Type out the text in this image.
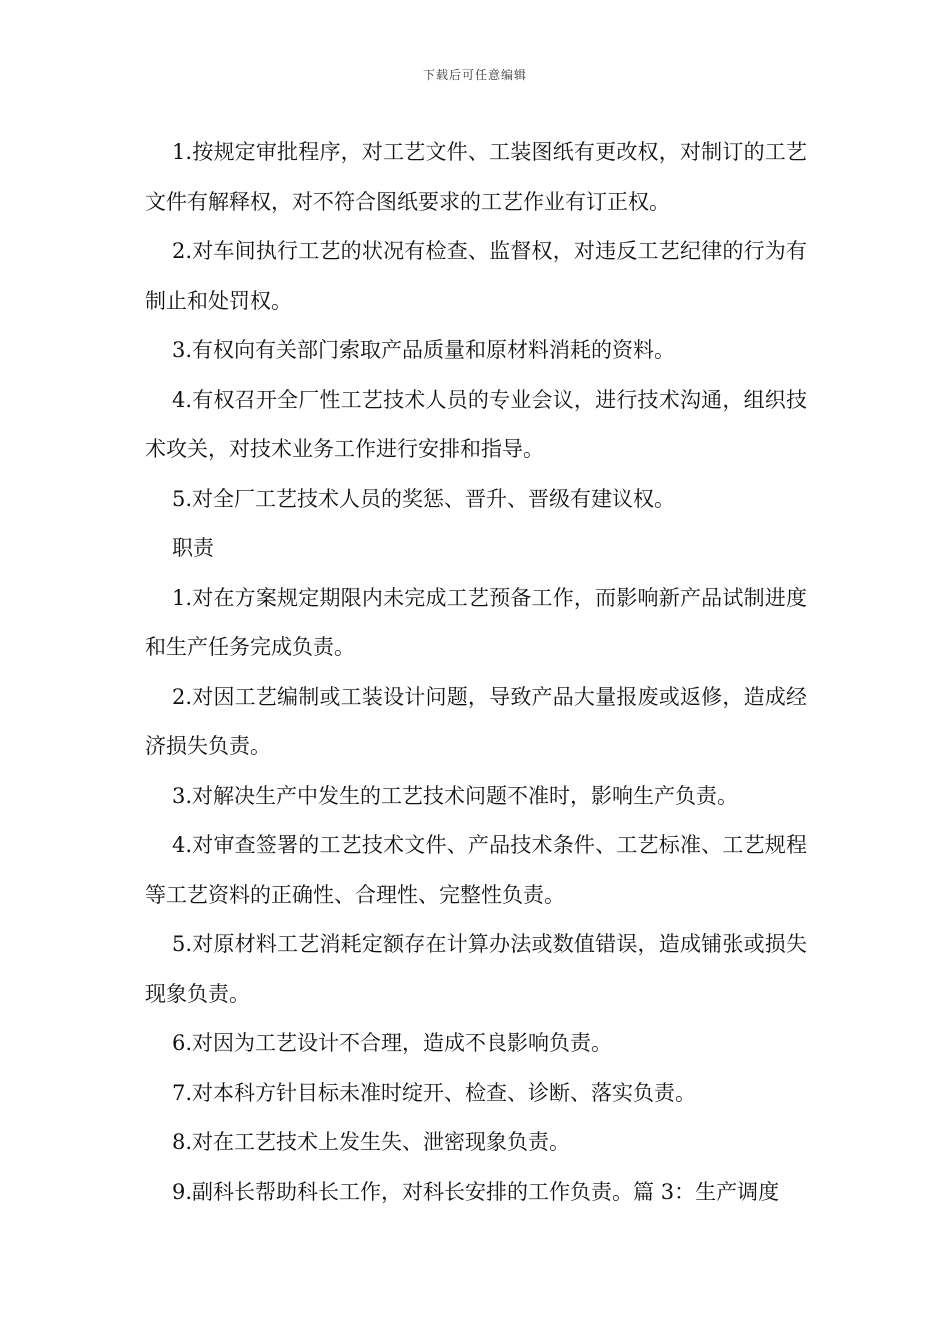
下载后可任意编辑

1.按规定审批程序，对工艺文件、工装图纸有更改权，对制订的工艺文件有解释权，对不符合图纸要求的工艺作业有订正权。

2.对车间执行工艺的状况有检查、监督权，对违反工艺纪律的行为有制止和处罚权。

3.有权向有关部门索取产品质量和原材料消耗的资料。

4.有权召开全厂性工艺技术人员的专业会议，进行技术沟通，组织技术攻关，对技术业务工作进行安排和指导。

5.对全厂工艺技术人员的奖惩、晋升、晋级有建议权。

职责

1.对在方案规定期限内未完成工艺预备工作，而影响新产品试制进度和生产任务完成负责。

2.对因工艺编制或工装设计问题，导致产品大量报废或返修，造成经济损失负责。

3.对解决生产中发生的工艺技术问题不准时，影响生产负责。

4.对审查签署的工艺技术文件、产品技术条件、工艺标准、工艺规程等工艺资料的正确性、合理性、完整性负责。

5.对原材料工艺消耗定额存在计算办法或数值错误，造成铺张或损失现象负责。

6.对因为工艺设计不合理，造成不良影响负责。

7.对本科方针目标未准时绽开、检查、诊断、落实负责。

8.对在工艺技术上发生失、泄密现象负责。

9.副科长帮助科长工作，对科长安排的工作负责。篇 3：生产调度
